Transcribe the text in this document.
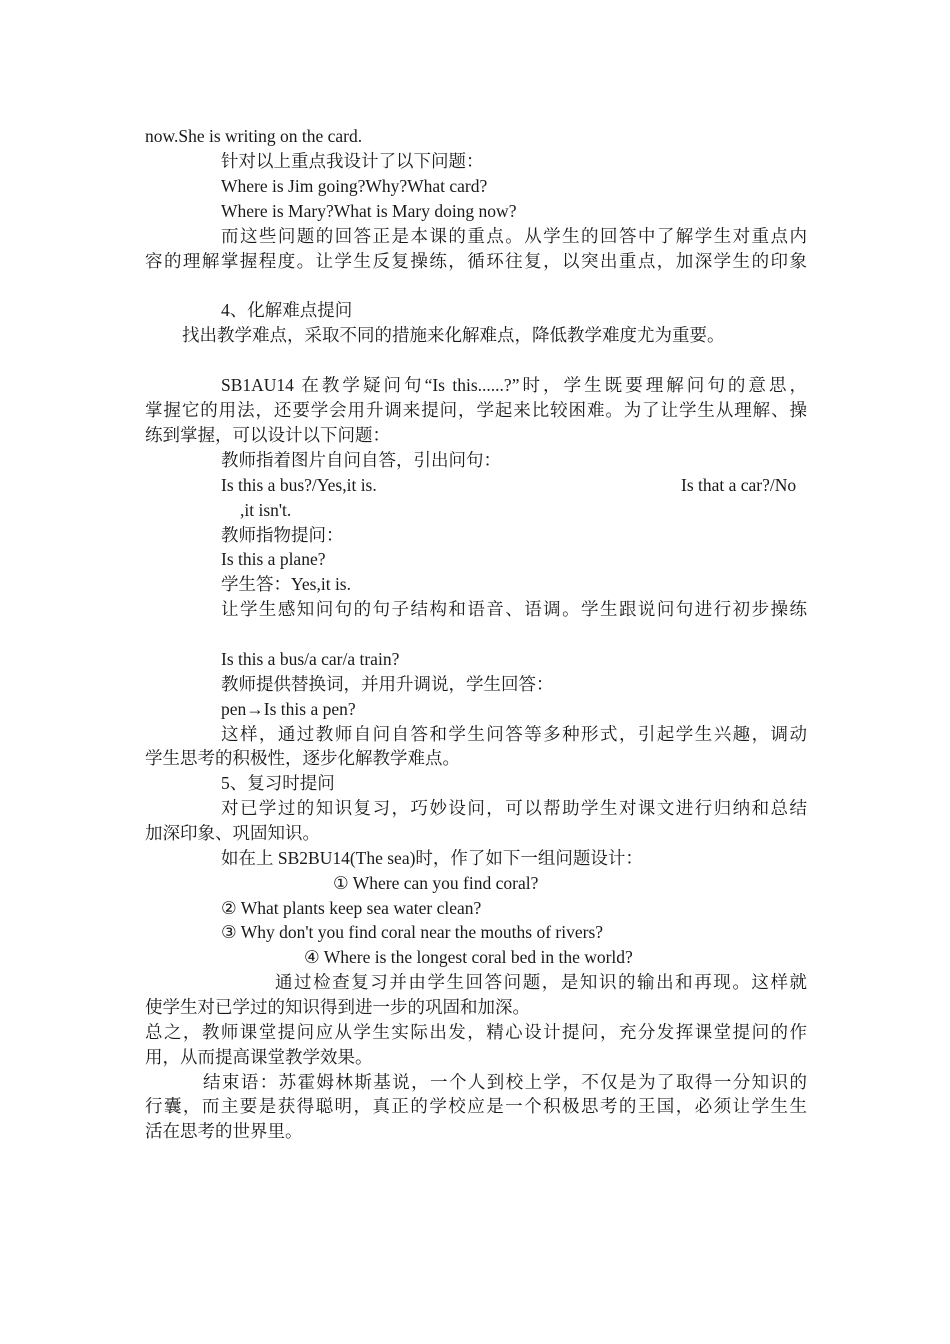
now.She is writing on the card.
针对以上重点我设计了以下问题：
Where is Jim going?Why?What card?
Where is Mary?What is Mary doing now?
而这些问题的回答正是本课的重点。从学生的回答中了解学生对重点内
容的理解掌握程度。让学生反复操练，循环往复，以突出重点，加深学生的印象
4、化解难点提问
找出教学难点，采取不同的措施来化解难点，降低教学难度尤为重要。
SB1AU14 在教学疑问句“Is this......?”时，学生既要理解问句的意思，
掌握它的用法，还要学会用升调来提问，学起来比较困难。为了让学生从理解、操
练到掌握，可以设计以下问题：
教师指着图片自问自答，引出问句：
Is this a bus?/Yes,it is.	Is that a car?/No
,it isn't.
教师指物提问：
Is this a plane?
学生答：Yes,it is.
让学生感知问句的句子结构和语音、语调。学生跟说问句进行初步操练
Is this a bus/a car/a train?
教师提供替换词，并用升调说，学生回答：
pen→Is this a pen?
这样，通过教师自问自答和学生问答等多种形式，引起学生兴趣，调动
学生思考的积极性，逐步化解教学难点。
5、复习时提问
对已学过的知识复习，巧妙设问，可以帮助学生对课文进行归纳和总结
加深印象、巩固知识。
如在上 SB2BU14(The sea)时，作了如下一组问题设计：
① Where can you find coral?
② What plants keep sea water clean?
③ Why don't you find coral near the mouths of rivers?
④ Where is the longest coral bed in the world?
通过检查复习并由学生回答问题，是知识的输出和再现。这样就
使学生对已学过的知识得到进一步的巩固和加深。
总之，教师课堂提问应从学生实际出发，精心设计提问，充分发挥课堂提问的作
用，从而提高课堂教学效果。
结束语：苏霍姆林斯基说，一个人到校上学，不仅是为了取得一分知识的
行囊，而主要是获得聪明，真正的学校应是一个积极思考的王国，必须让学生生
活在思考的世界里。
